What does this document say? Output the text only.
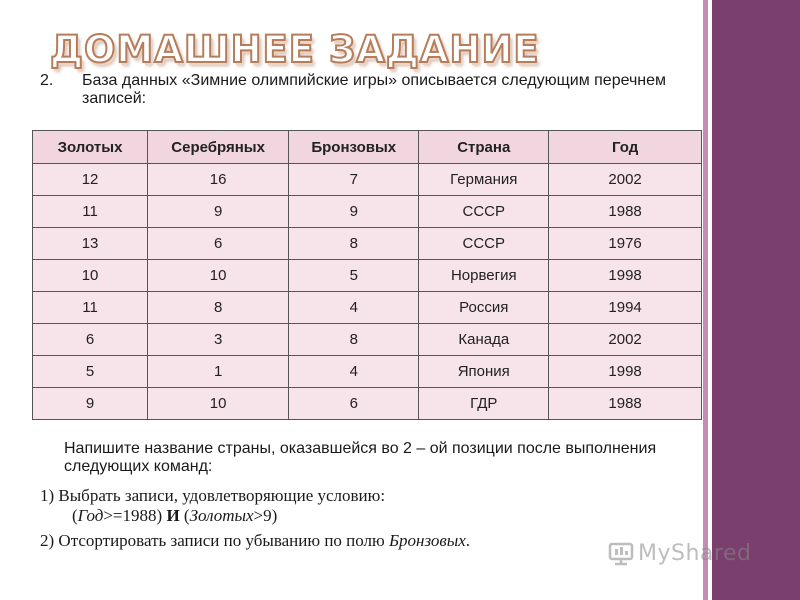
ДОМАШНЕЕ ЗАДАНИЕ
2. База данных «Зимние олимпийские игры» описывается следующим перечнем записей:
Золотых	Серебряных	Бронзовых	Страна	Год
12	16	7	Германия	2002
11	9	9	СССР	1988
13	6	8	СССР	1976
10	10	5	Норвегия	1998
11	8	4	Россия	1994
6	3	8	Канада	2002
5	1	4	Япония	1998
9	10	6	ГДР	1988
Напишите название страны, оказавшейся во 2 – ой позиции после выполнения следующих команд:
1) Выбрать записи, удовлетворяющие условию:
(Год>=1988) И (Золотых>9)
2) Отсортировать записи по убыванию по полю Бронзовых.	MyShared
